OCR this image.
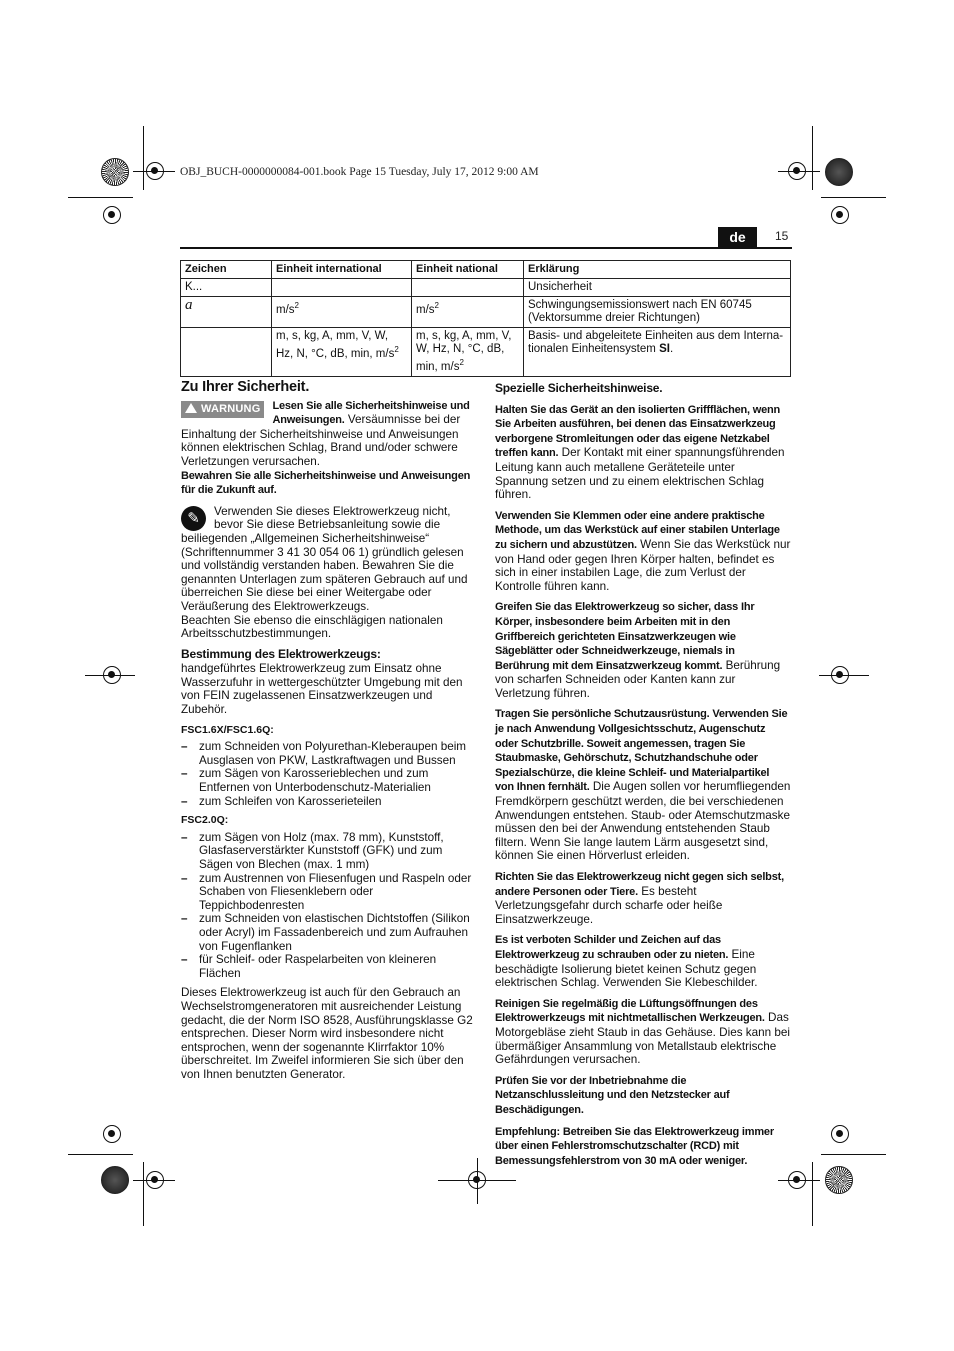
OBJ_BUCH-0000000084-001.book Page 15 Tuesday, July 17, 2012 9:00 AM
de	15
Zeichen	Einheit international	Einheit national	Erklärung
K...			Unsicherheit
a	$m/s^2$	$m/s^2$	Schwingungsemissionswert nach EN 60745 (Vektorsumme dreier Richtungen)
	m, s, kg, A, mm, V, W, Hz, N, °C, dB, min, $m/s^2$	m, s, kg, A, mm, V, W, Hz, N, °C, dB, min, $m/s^2$	Basis- und abgeleitete Einheiten aus dem Interna-tionalen Einheitensystem SI.
Zu Ihrer Sicherheit.

WARNUNG	Lesen Sie alle Sicherheitshinweise und Anweisungen. Versäumnisse bei der Einhaltung der Sicherheitshinweise und Anweisungen können elektrischen Schlag, Brand und/oder schwere Verletzungen verursachen.
Bewahren Sie alle Sicherheitshinweise und Anweisungen für die Zukunft auf.

✎	Verwenden Sie dieses Elektrowerkzeug nicht, bevor Sie diese Betriebsanleitung sowie die beiliegenden „Allgemeinen Sicherheitshinweise“ (Schriftennummer 3 41 30 054 06 1) gründlich gelesen und vollständig verstanden haben. Bewahren Sie die genannten Unterlagen zum späteren Gebrauch auf und überreichen Sie diese bei einer Weitergabe oder Veräußerung des Elektrowerkzeugs.

Beachten Sie ebenso die einschlägigen nationalen Arbeitsschutzbestimmungen.

Bestimmung des Elektrowerkzeugs:

handgeführtes Elektrowerkzeug zum Einsatz ohne Wasserzufuhr in wettergeschützter Umgebung mit den von FEIN zugelassenen Einsatzwerkzeugen und Zubehör.

FSC1.6X/FSC1.6Q:
– zum Schneiden von Polyurethan-Kleberaupen beim Ausglasen von PKW, Lastkraftwagen und Bussen
– zum Sägen von Karosserieblechen und zum Entfernen von Unterbodenschutz-Materialien
– zum Schleifen von Karosserieteilen
FSC2.0Q:
– zum Sägen von Holz (max. 78 mm), Kunststoff, Glasfaserverstärkter Kunststoff (GFK) und zum Sägen von Blechen (max. 1 mm)
– zum Austrennen von Fliesenfugen und Raspeln oder Schaben von Fliesenklebern oder Teppichbodenresten
– zum Schneiden von elastischen Dichtstoffen (Silikon oder Acryl) im Fassadenbereich und zum Aufrauhen von Fugenflanken
– für Schleif- oder Raspelarbeiten von kleineren Flächen

Dieses Elektrowerkzeug ist auch für den Gebrauch an Wechselstromgeneratoren mit ausreichender Leistung gedacht, die der Norm ISO 8528, Ausführungsklasse G2 entsprechen. Dieser Norm wird insbesondere nicht entsprochen, wenn der sogenannte Klirrfaktor 10% überschreitet. Im Zweifel informieren Sie sich über den von Ihnen benutzten Generator.

Spezielle Sicherheitshinweise.

Halten Sie das Gerät an den isolierten Griffflächen, wenn Sie Arbeiten ausführen, bei denen das Einsatzwerkzeug verborgene Stromleitungen oder das eigene Netzkabel treffen kann. Der Kontakt mit einer spannungsführenden Leitung kann auch metallene Geräteteile unter Spannung setzen und zu einem elektrischen Schlag führen.

Verwenden Sie Klemmen oder eine andere praktische Methode, um das Werkstück auf einer stabilen Unterlage zu sichern und abzustützen. Wenn Sie das Werkstück nur von Hand oder gegen Ihren Körper halten, befindet es sich in einer instabilen Lage, die zum Verlust der Kontrolle führen kann.

Greifen Sie das Elektrowerkzeug so sicher, dass Ihr Körper, insbesondere beim Arbeiten mit in den Griffbereich gerichteten Einsatzwerkzeugen wie Sägeblätter oder Schneidwerkzeuge, niemals in Berührung mit dem Einsatzwerkzeug kommt. Berührung von scharfen Schneiden oder Kanten kann zur Verletzung führen.

Tragen Sie persönliche Schutzausrüstung. Verwenden Sie je nach Anwendung Vollgesichtsschutz, Augenschutz oder Schutzbrille. Soweit angemessen, tragen Sie Staubmaske, Gehörschutz, Schutzhandschuhe oder Spezialschürze, die kleine Schleif- und Materialpartikel von Ihnen fernhält. Die Augen sollen vor herumfliegenden Fremdkörpern geschützt werden, die bei verschiedenen Anwendungen entstehen. Staub- oder Atemschutzmaske müssen den bei der Anwendung entstehenden Staub filtern. Wenn Sie lange lautem Lärm ausgesetzt sind, können Sie einen Hörverlust erleiden.

Richten Sie das Elektrowerkzeug nicht gegen sich selbst, andere Personen oder Tiere. Es besteht Verletzungsgefahr durch scharfe oder heiße Einsatzwerkzeuge.

Es ist verboten Schilder und Zeichen auf das Elektrowerkzeug zu schrauben oder zu nieten. Eine beschädigte Isolierung bietet keinen Schutz gegen elektrischen Schlag. Verwenden Sie Klebeschilder.

Reinigen Sie regelmäßig die Lüftungsöffnungen des Elektrowerkzeugs mit nichtmetallischen Werkzeugen. Das Motorgebläse zieht Staub in das Gehäuse. Dies kann bei übermäßiger Ansammlung von Metallstaub elektrische Gefährdungen verursachen.

Prüfen Sie vor der Inbetriebnahme die Netzanschlussleitung und den Netzstecker auf Beschädigungen.

Empfehlung: Betreiben Sie das Elektrowerkzeug immer über einen Fehlerstromschutzschalter (RCD) mit Bemessungsfehlerstrom von 30 mA oder weniger.
